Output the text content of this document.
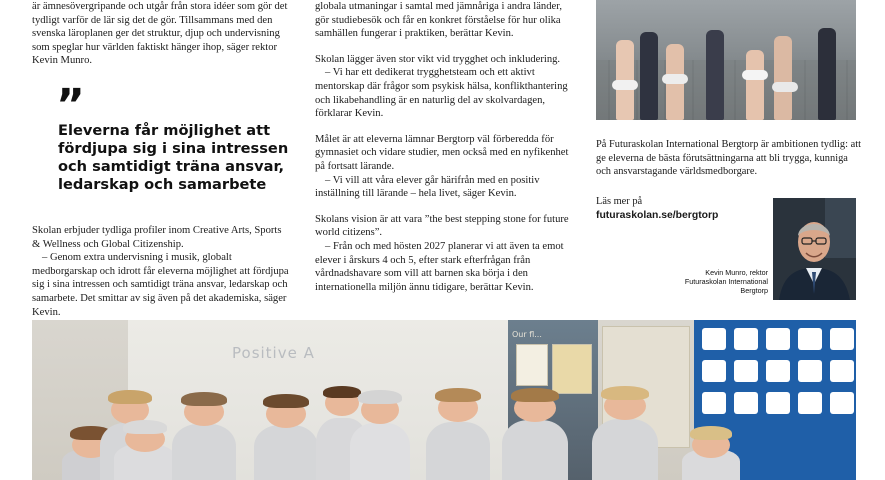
är ämnesövergripande och utgår från stora idéer som gör det tydligt varför de lär sig det de gör. Tillsammans med den svenska läroplanen ger det struktur, djup och undervisning som speglar hur världen faktiskt hänger ihop, säger rektor Kevin Munro.

”
Eleverna får möjlighet att fördjupa sig i sina intressen och samtidigt träna ansvar, ledarskap och samarbete

Skolan erbjuder tydliga profiler inom Creative Arts, Sports & Wellness och Global Citizenship.

– Genom extra undervisning i musik, globalt medborgarskap och idrott får eleverna möjlighet att fördjupa sig i sina intressen och samtidigt träna ansvar, ledarskap och samarbete. Det smittar av sig även på det akademiska, säger Kevin.

globala utmaningar i samtal med jämnåriga i andra länder, gör studiebesök och får en konkret förståelse för hur olika samhällen fungerar i praktiken, berättar Kevin.

Skolan lägger även stor vikt vid trygghet och inkludering.

– Vi har ett dedikerat trygghetsteam och ett aktivt mentorskap där frågor som psykisk hälsa, konflikthantering och likabehandling är en naturlig del av skolvardagen, förklarar Kevin.

Målet är att eleverna lämnar Bergtorp väl förberedda för gymnasiet och vidare studier, men också med en nyfikenhet på fortsatt lärande.

– Vi vill att våra elever går härifrån med en positiv inställning till lärande – hela livet, säger Kevin.

Skolans vision är att vara ”the best stepping stone for future world citizens”.

– Från och med hösten 2027 planerar vi att även ta emot elever i årskurs 4 och 5, efter stark efterfrågan från vårdnadshavare som vill att barnen ska börja i den internationella miljön ännu tidigare, berättar Kevin.

På Futuraskolan International Bergtorp är ambitionen tydlig: att ge eleverna de bästa förutsättningarna att bli trygga, kunniga och ansvarstagande världsmedborgare.

Läs mer på
futuraskolan.se/bergtorp
Kevin Munro, rektor
Futuraskolan International
Bergtorp
Positive A
Our fl...
